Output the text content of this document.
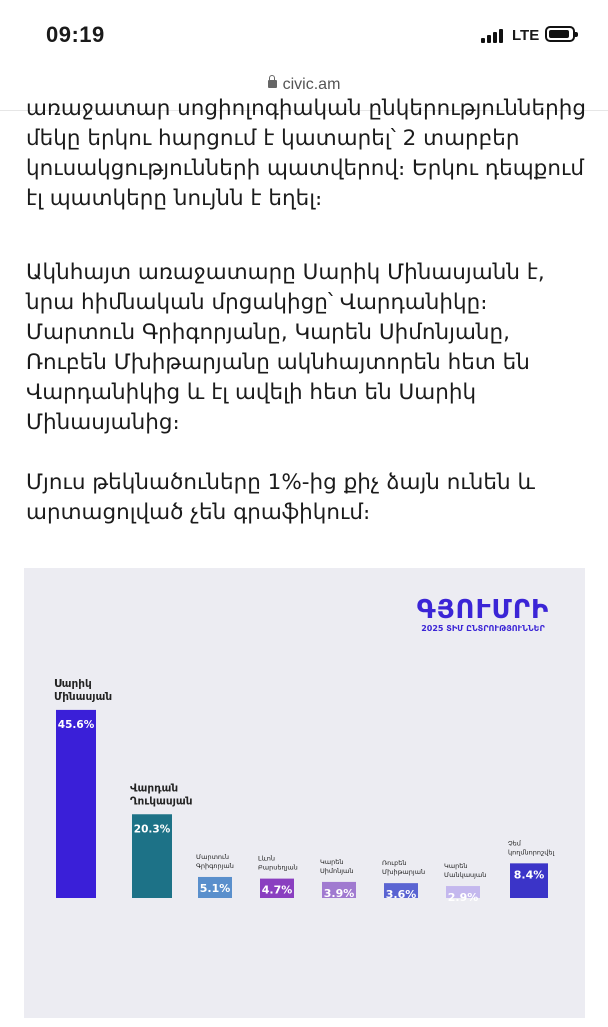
09:19	LTE
civic.am

առաջատար սոցիոլոգիական ընկերություններից
մեկը երկու հարցում է կատարել՝ 2 տարբեր
կուսակցությունների պատվերով։ Երկու դեպքում
էլ պատկերը նույնն է եղել։

Ակնհայտ առաջատարը Սարիկ Մինասյանն է,
նրա հիմնական մրցակիցը՝ Վարդանիկը։
Մարտուն Գրիգորյանը, Կարեն Սիմոնյանը,
Ռուբեն Մխիթարյանը ակնհայտորեն հետ են
Վարդանիկից և էլ ավելի հետ են Սարիկ
Մինասյանից։

Մյուս թեկնածուները 1%-ից քիչ ձայն ունեն և
արտացոլված չեն գրաֆիկում։

ԳՅՈՒՄՐԻ
2025 ՏԻՄ ԸՆՏՐՈՒԹՅՈՒՆՆԵՐ
45.6%
Սարիկ Մինասյան
20.3%
Վարդան Ղուկասյան
5.1%
Մարտուն Գրիգորյան
4.7%
Լևոն Բարսեղյան
3.9%
Կարեն Սիմոնյան
3.6%
Ռուբեն Մխիթարյան
2.9%
Կարեն Մանկասյան 8.4%
Չեմ կողմնորոշվել
